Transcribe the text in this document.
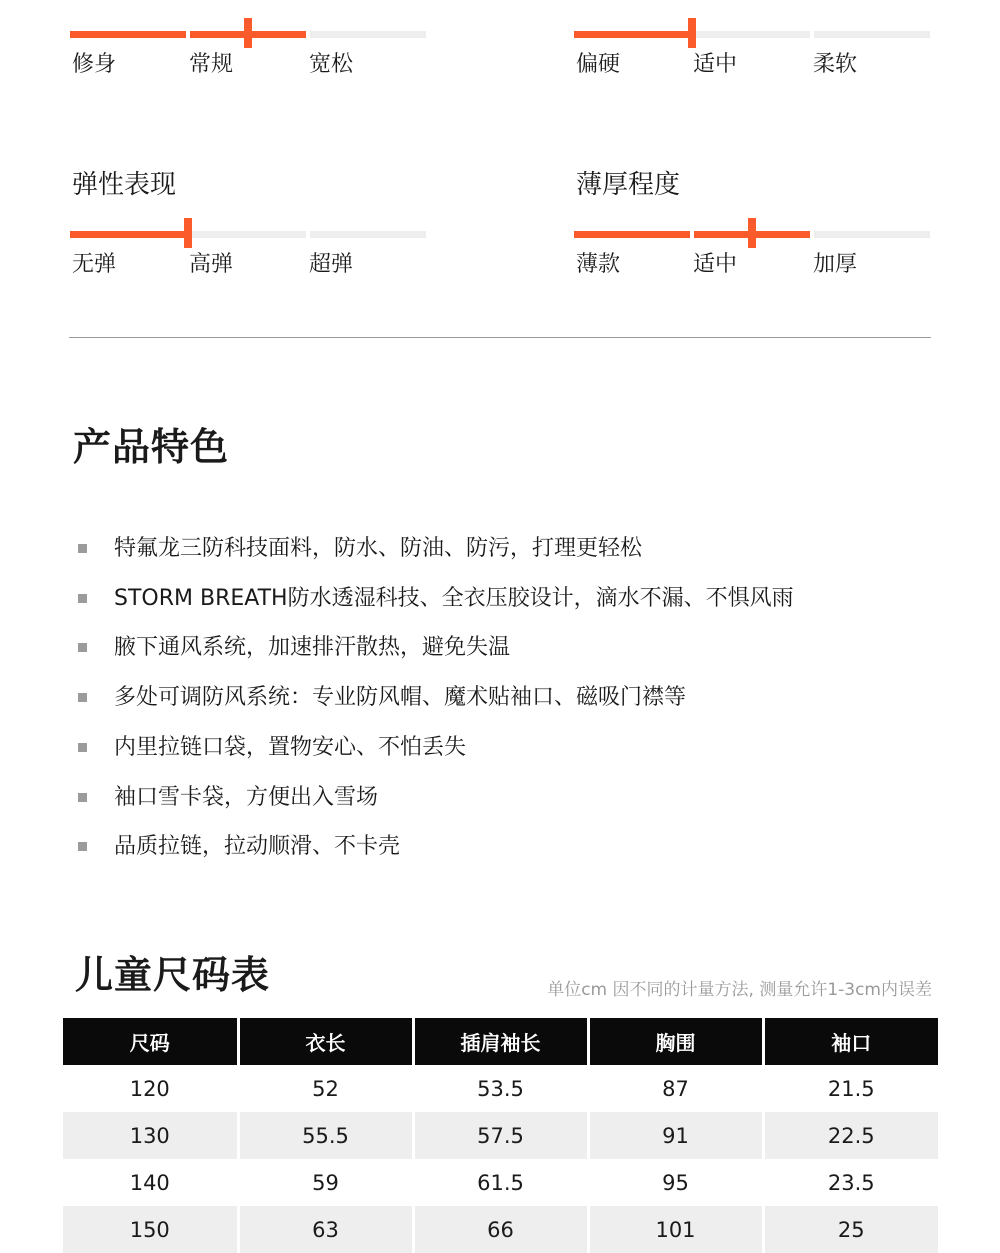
修身	常规	宽松	偏硬	适中	柔软
弹性表现
无弹	高弹	超弹
薄厚程度
薄款	适中	加厚
产品特色
特氟龙三防科技面料，防水、防油、防污，打理更轻松
STORM BREATH防水透湿科技、全衣压胶设计，滴水不漏、不惧风雨
腋下通风系统，加速排汗散热，避免失温
多处可调防风系统：专业防风帽、魔术贴袖口、磁吸门襟等
内里拉链口袋，置物安心、不怕丢失
袖口雪卡袋，方便出入雪场
品质拉链，拉动顺滑、不卡壳
儿童尺码表	单位cm 因不同的计量方法, 测量允许1-3cm内误差
尺码	衣长	插肩袖长	胸围	袖口
120	52	53.5	87	21.5
130	55.5	57.5	91	22.5
140	59	61.5	95	23.5
150	63	66	101	25
